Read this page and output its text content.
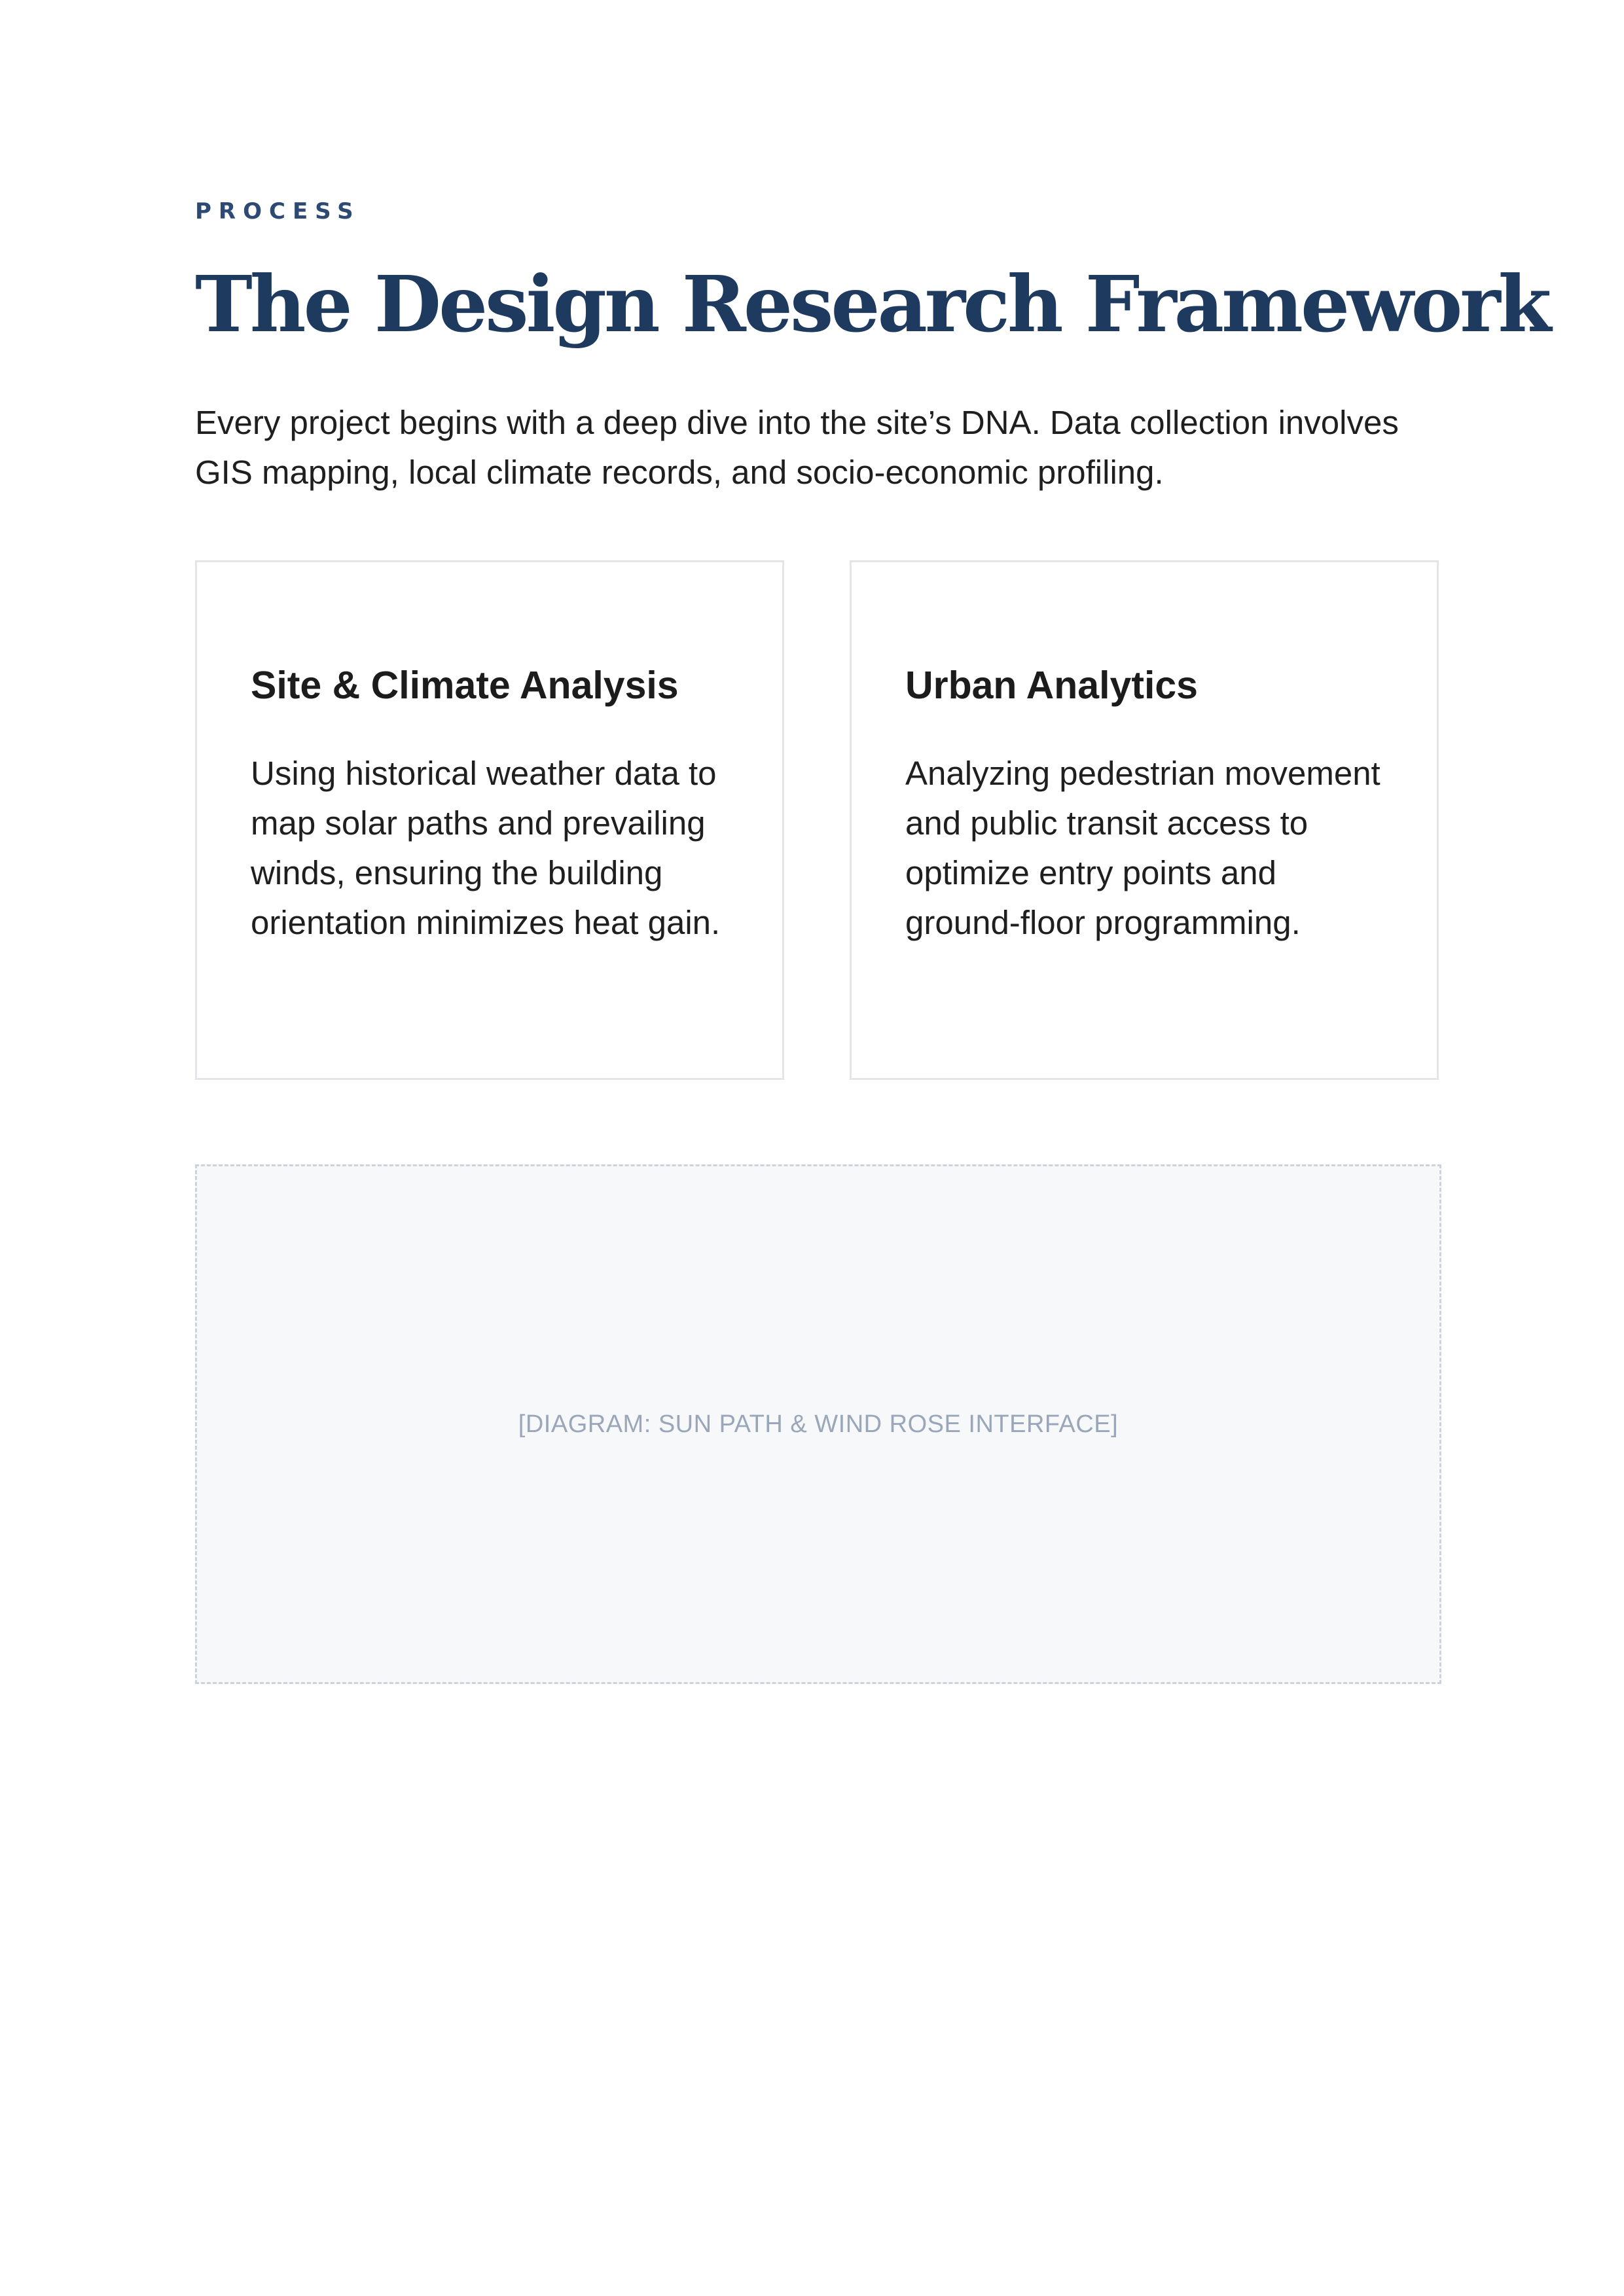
PROCESS
The Design Research Framework

Every project begins with a deep dive into the site’s DNA. Data collection involves GIS mapping, local climate records, and socio-economic profiling.

Site & Climate Analysis

Using historical weather data to map solar paths and prevailing winds, ensuring the building orientation minimizes heat gain.

Urban Analytics

Analyzing pedestrian movement and public transit access to optimize entry points and ground-floor programming.

[DIAGRAM: SUN PATH & WIND ROSE INTERFACE]
